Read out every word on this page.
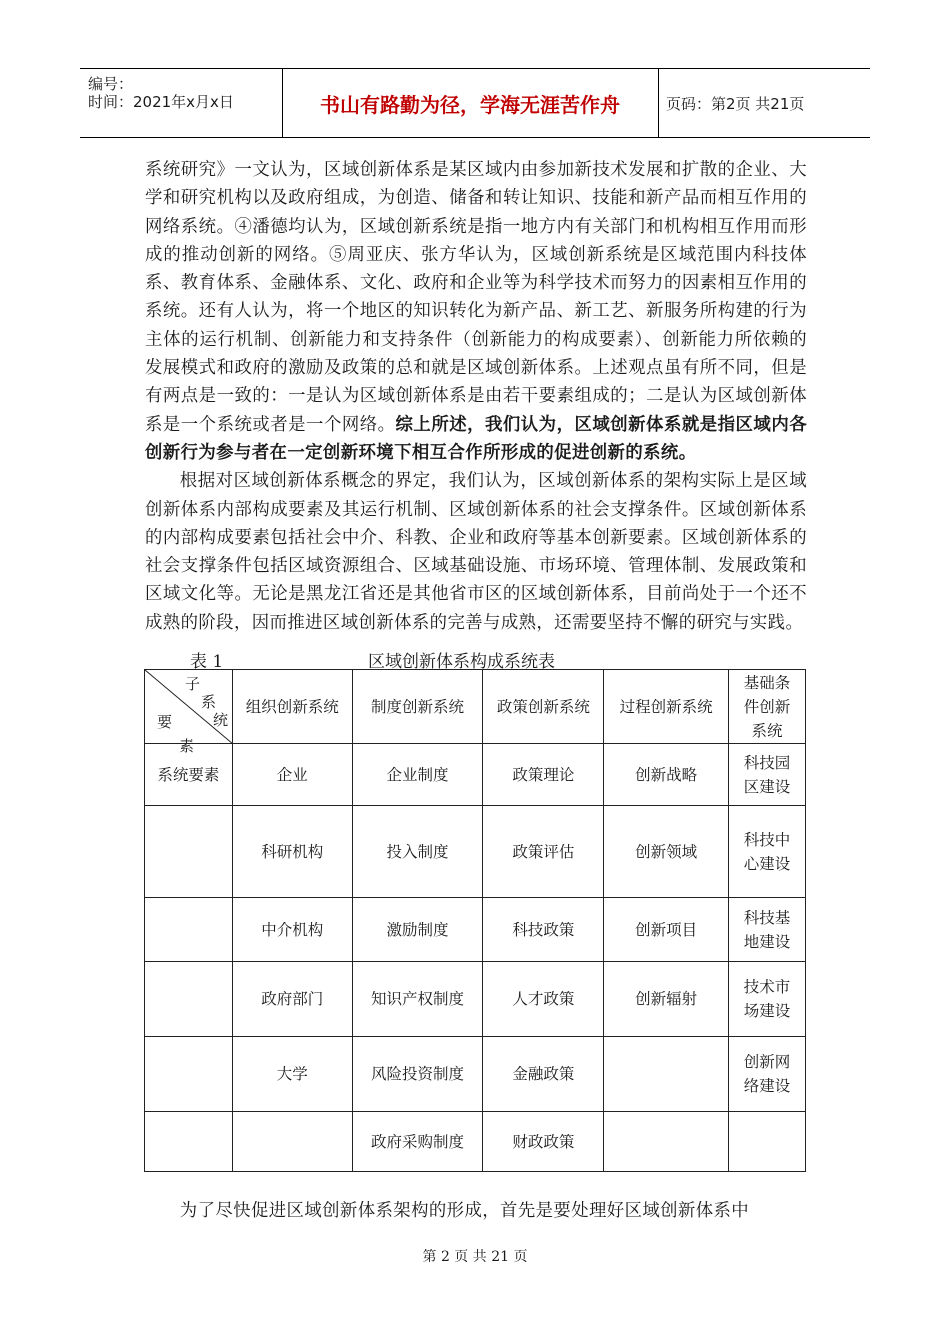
编号：
时间：2021年x月x日	书山有路勤为径，学海无涯苦作舟	页码：第2页 共21页

系统研究》一文认为，区域创新体系是某区域内由参加新技术发展和扩散的企业、大学和研究机构以及政府组成，为创造、储备和转让知识、技能和新产品而相互作用的网络系统。④潘德均认为，区域创新系统是指一地方内有关部门和机构相互作用而形成的推动创新的网络。⑤周亚庆、张方华认为，区域创新系统是区域范围内科技体系、教育体系、金融体系、文化、政府和企业等为科学技术而努力的因素相互作用的系统。还有人认为，将一个地区的知识转化为新产品、新工艺、新服务所构建的行为主体的运行机制、创新能力和支持条件（创新能力的构成要素）、创新能力所依赖的发展模式和政府的激励及政策的总和就是区域创新体系。上述观点虽有所不同，但是有两点是一致的：一是认为区域创新体系是由若干要素组成的；二是认为区域创新体系是一个系统或者是一个网络。综上所述，我们认为，区域创新体系就是指区域内各创新行为参与者在一定创新环境下相互合作所形成的促进创新的系统。

根据对区域创新体系概念的界定，我们认为，区域创新体系的架构实际上是区域创新体系内部构成要素及其运行机制、区域创新体系的社会支撑条件。区域创新体系的内部构成要素包括社会中介、科教、企业和政府等基本创新要素。区域创新体系的社会支撑条件包括区域资源组合、区域基础设施、市场环境、管理体制、发展政策和区域文化等。无论是黑龙江省还是其他省市区的区域创新体系，目前尚处于一个还不成熟的阶段，因而推进区域创新体系的完善与成熟，还需要坚持不懈的研究与实践。

表 1	区域创新体系构成系统表
子
系
统
要
素	组织创新系统	制度创新系统	政策创新系统	过程创新系统	基础条件创新系统
系统要素	企业	企业制度	政策理论	创新战略	科技园区建设
	科研机构	投入制度	政策评估	创新领域	科技中心建设
	中介机构	激励制度	科技政策	创新项目	科技基地建设
	政府部门	知识产权制度	人才政策	创新辐射	技术市场建设
	大学	风险投资制度	金融政策		创新网络建设
		政府采购制度	财政政策		
为了尽快促进区域创新体系架构的形成，首先是要处理好区域创新体系中
第 2 页 共 21 页
